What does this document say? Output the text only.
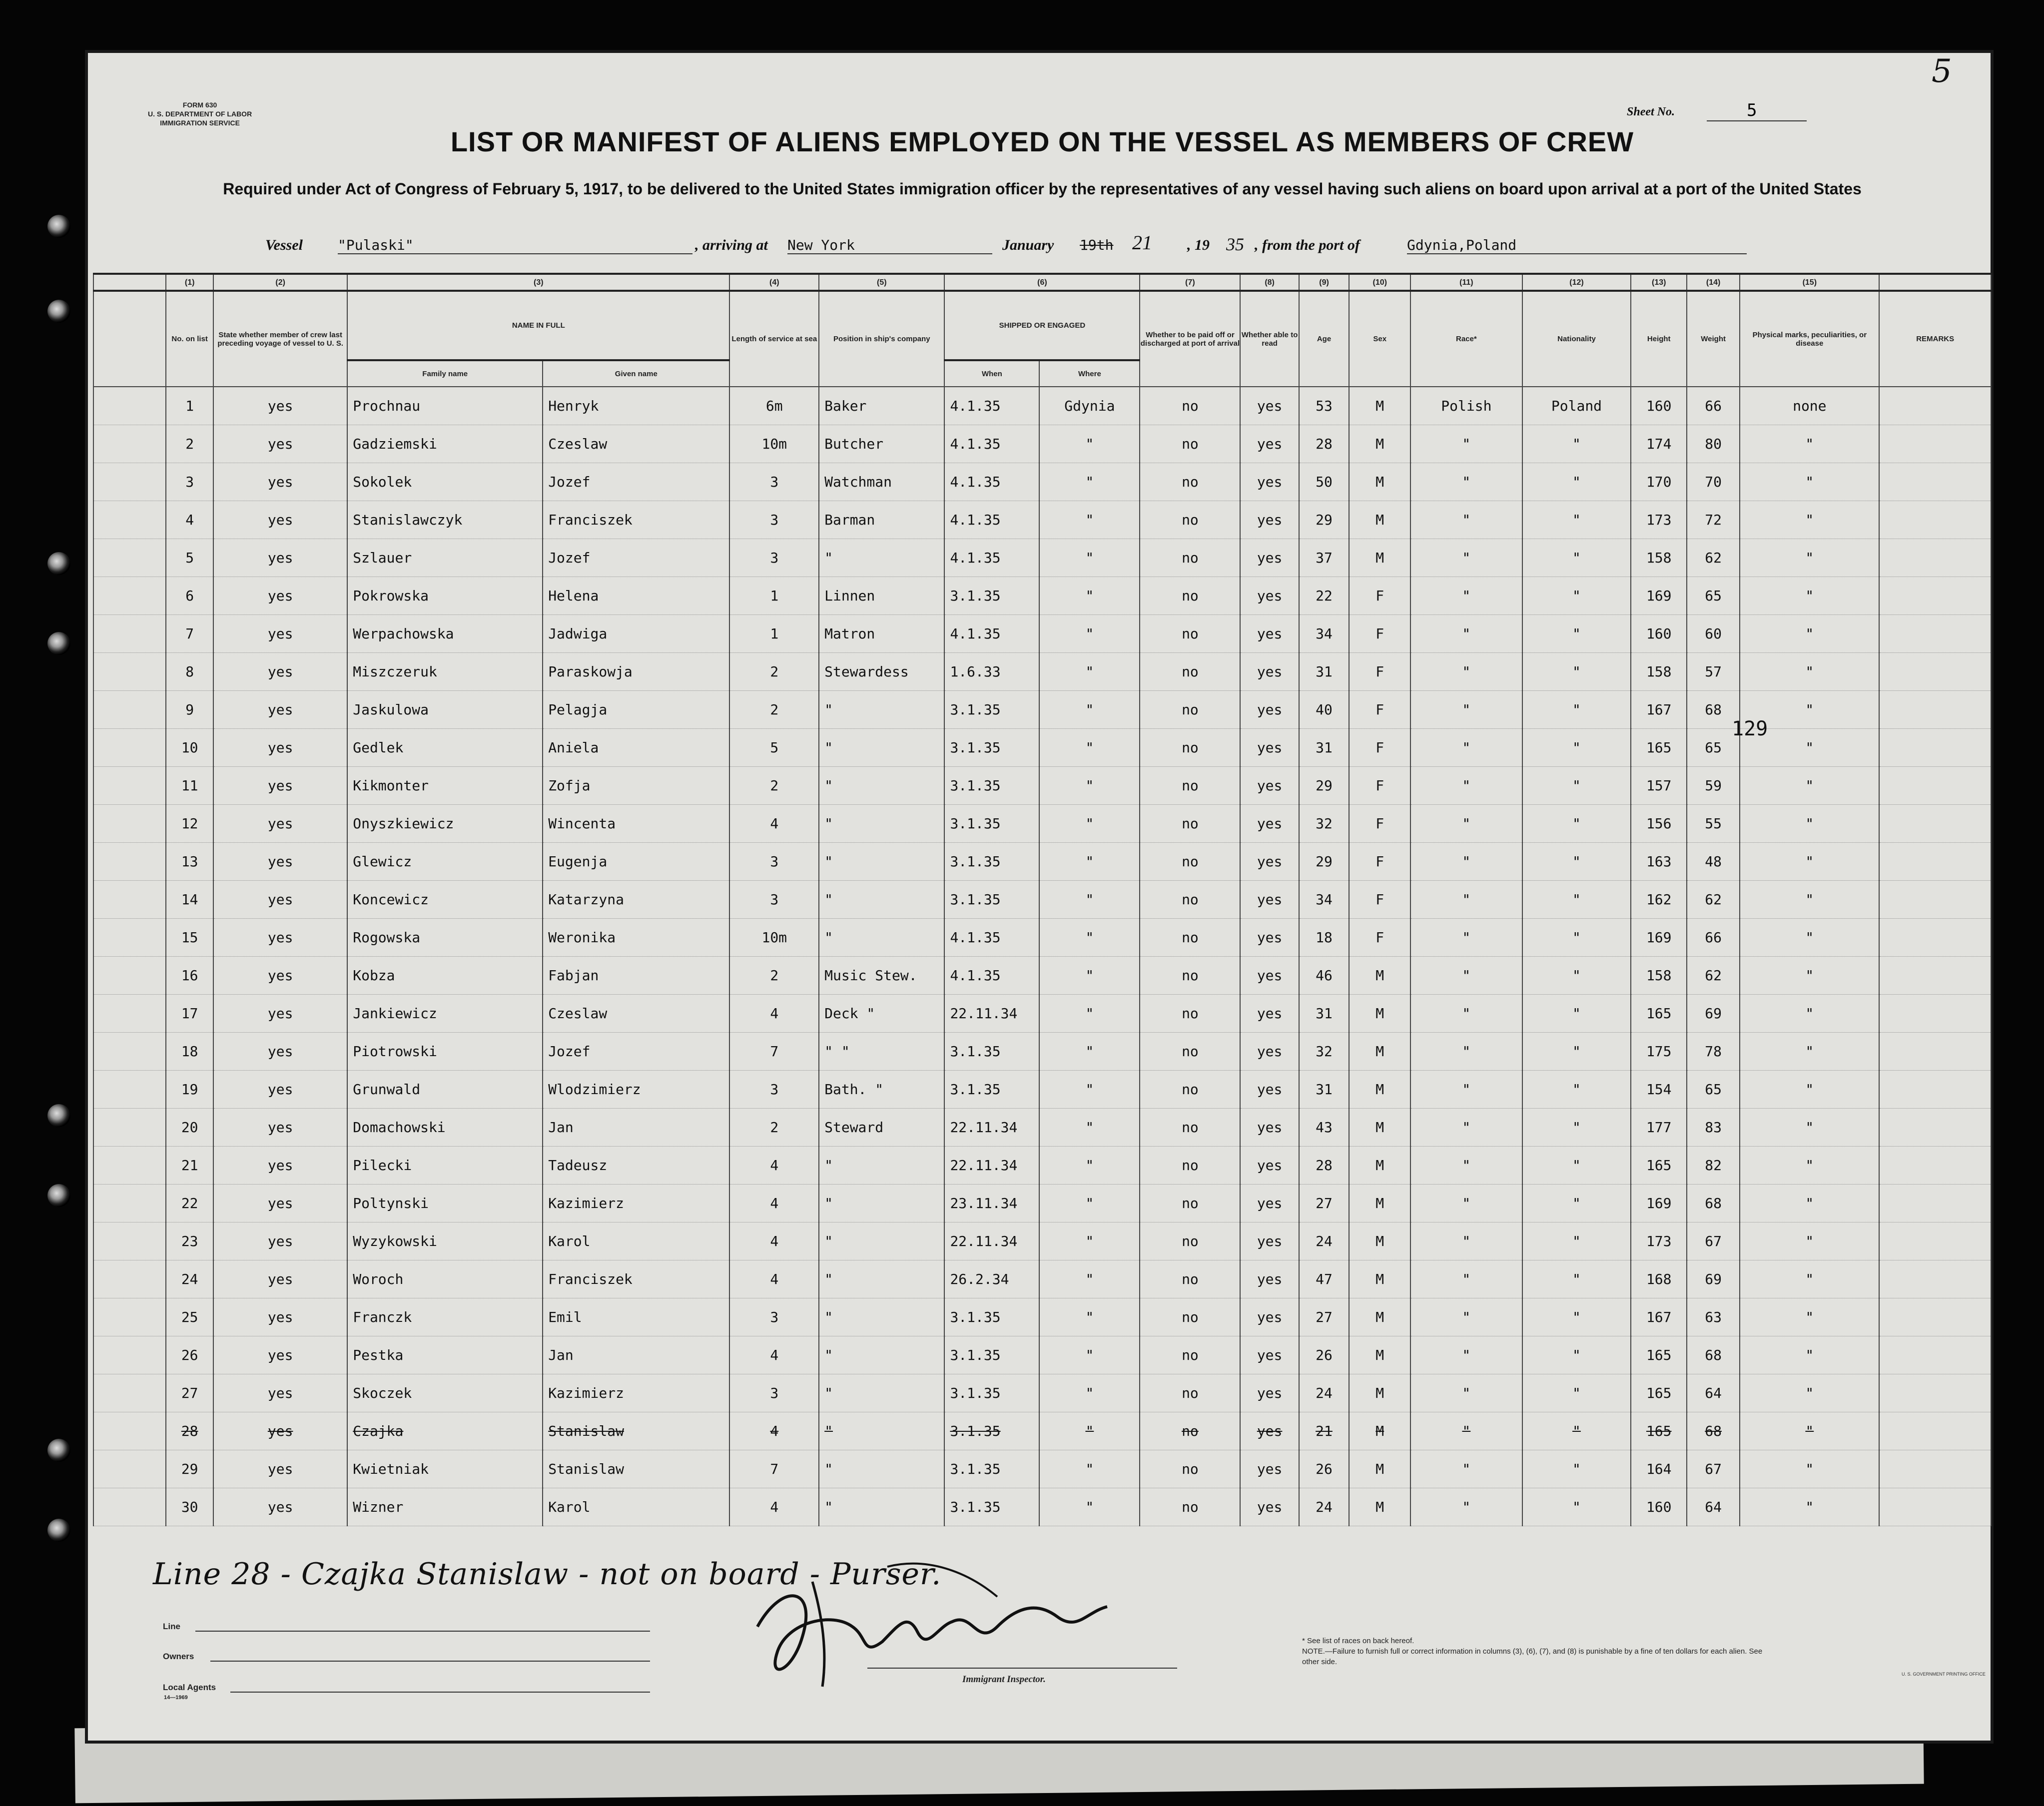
FORM 630
U. S. DEPARTMENT OF LABOR
IMMIGRATION SERVICE
5
Sheet No.	5
LIST OR MANIFEST OF ALIENS EMPLOYED ON THE VESSEL AS MEMBERS OF CREW
Required under Act of Congress of February 5, 1917, to be delivered to the United States immigration officer by the representatives of any vessel having such aliens on board upon arrival at a port of the United States
Vessel	"Pulaski"	, arriving at New York	January 19th 21 , 19 35 , from the port of	Gdynia,Poland
	(1)	(2)	(3)		(4)	(5)	(6)		(7)	(8)	(9)	(10)	(11)	(12)	(13)	(14)	(15)	
	No. on list	State whether member of crew last preceding voyage of vessel to U. S.	NAME IN FULL		Length of service at sea	Position in ship's company	SHIPPED OR ENGAGED		Whether to be paid off or discharged at port of arrival	Whether able to read	Age	Sex	Race*	Nationality	Height	Weight	Physical marks, peculiarities, or disease	REMARKS
			Family name	Given name			When	Where										
	1	yes	Prochnau	Henryk	6m	Baker	4.1.35	Gdynia	no	yes	53	M	Polish	Poland	160	66	none	
	2	yes	Gadziemski	Czeslaw	10m	Butcher	4.1.35	"	no	yes	28	M	"	"	174	80	"	
	3	yes	Sokolek	Jozef	3	Watchman	4.1.35	"	no	yes	50	M	"	"	170	70	"	
	4	yes	Stanislawczyk	Franciszek	3	Barman	4.1.35	"	no	yes	29	M	"	"	173	72	"	
	5	yes	Szlauer	Jozef	3	"	4.1.35	"	no	yes	37	M	"	"	158	62	"	
	6	yes	Pokrowska	Helena	1	Linnen	3.1.35	"	no	yes	22	F	"	"	169	65	"	
	7	yes	Werpachowska	Jadwiga	1	Matron	4.1.35	"	no	yes	34	F	"	"	160	60	"	
	8	yes	Miszczeruk	Paraskowja	2	Stewardess	1.6.33	"	no	yes	31	F	"	"	158	57	"	
	9	yes	Jaskulowa	Pelagja	2	"	3.1.35	"	no	yes	40	F	"	"	167	68	"	
	10	yes	Gedlek	Aniela	5	"	3.1.35	"	no	yes	31	F	"	"	165	65	"	
	11	yes	Kikmonter	Zofja	2	"	3.1.35	"	no	yes	29	F	"	"	157	59	"	
	12	yes	Onyszkiewicz	Wincenta	4	"	3.1.35	"	no	yes	32	F	"	"	156	55	"	
	13	yes	Glewicz	Eugenja	3	"	3.1.35	"	no	yes	29	F	"	"	163	48	"	
	14	yes	Koncewicz	Katarzyna	3	"	3.1.35	"	no	yes	34	F	"	"	162	62	"	
	15	yes	Rogowska	Weronika	10m	"	4.1.35	"	no	yes	18	F	"	"	169	66	"	
	16	yes	Kobza	Fabjan	2	Music Stew.	4.1.35	"	no	yes	46	M	"	"	158	62	"	
	17	yes	Jankiewicz	Czeslaw	4	Deck "	22.11.34	"	no	yes	31	M	"	"	165	69	"	
	18	yes	Piotrowski	Jozef	7	" "	3.1.35	"	no	yes	32	M	"	"	175	78	"	
	19	yes	Grunwald	Wlodzimierz	3	Bath. "	3.1.35	"	no	yes	31	M	"	"	154	65	"	
	20	yes	Domachowski	Jan	2	Steward	22.11.34	"	no	yes	43	M	"	"	177	83	"	
	21	yes	Pilecki	Tadeusz	4	"	22.11.34	"	no	yes	28	M	"	"	165	82	"	
	22	yes	Poltynski	Kazimierz	4	"	23.11.34	"	no	yes	27	M	"	"	169	68	"	
	23	yes	Wyzykowski	Karol	4	"	22.11.34	"	no	yes	24	M	"	"	173	67	"	
	24	yes	Woroch	Franciszek	4	"	26.2.34	"	no	yes	47	M	"	"	168	69	"	
	25	yes	Franczk	Emil	3	"	3.1.35	"	no	yes	27	M	"	"	167	63	"	
	26	yes	Pestka	Jan	4	"	3.1.35	"	no	yes	26	M	"	"	165	68	"	
	27	yes	Skoczek	Kazimierz	3	"	3.1.35	"	no	yes	24	M	"	"	165	64	"	
	28	yes	Czajka	Stanislaw	4	"	3.1.35	"	no	yes	21	M	"	"	165	68	"	
	29	yes	Kwietniak	Stanislaw	7	"	3.1.35	"	no	yes	26	M	"	"	164	67	"	
	30	yes	Wizner	Karol	4	"	3.1.35	"	no	yes	24	M	"	"	160	64	"	
129
Line 28 - Czajka Stanislaw - not on board - Purser.
Line
Owners
Local Agents
14—1969
Immigrant Inspector.
* See list of races on back hereof.
NOTE.—Failure to furnish full or correct information in columns (3), (6), (7), and (8) is punishable by a fine of ten dollars for each alien. See other side.
U. S. GOVERNMENT PRINTING OFFICE
